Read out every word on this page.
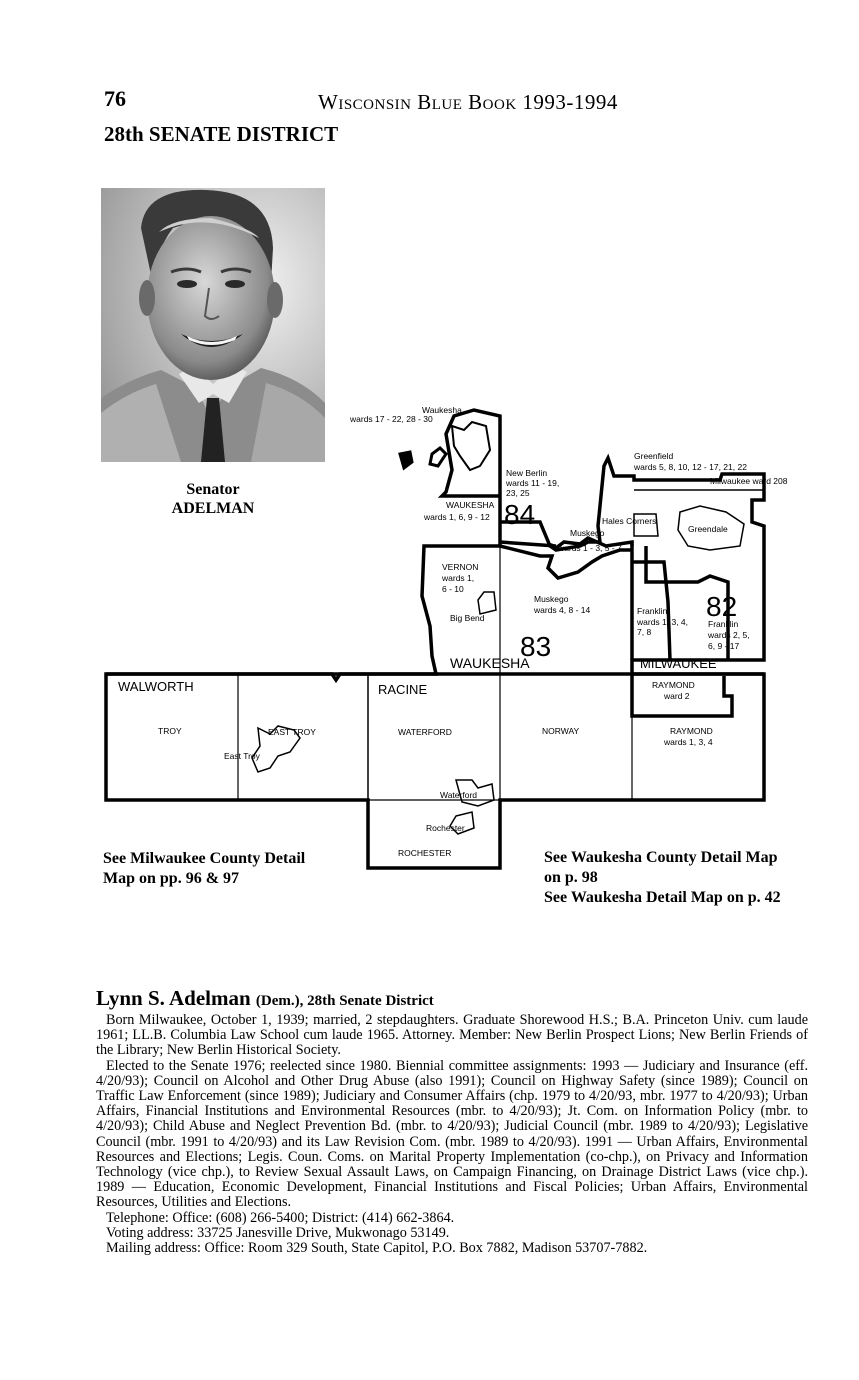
76	Wisconsin Blue Book 1993-1994
28th SENATE DISTRICT
Senator
ADELMAN
Waukesha
wards 17 - 22, 28 - 30
New Berlin
wards 11 - 19,
23, 25
WAUKESHA
wards 1, 6, 9 - 12 84
Greenfield
wards 5, 8, 10, 12 - 17, 21, 22
Milwaukee ward 208
Hales Corners
Greendale
Muskego
wards 1 - 3, 5 - 7
VERNON
wards 1,
6 - 10
Big Bend
Muskego
wards 4, 8 - 14
83
82
Franklin
wards 1, 3, 4,
7, 8
Franklin
wards 2, 5,
6, 9 - 17
WAUKESHA	MILWAUKEE
WALWORTH	RACINE	RAYMOND
ward 2
TROY	EAST TROY
East Troy
WATERFORD	NORWAY	RAYMOND
wards 1, 3, 4
Waterford
Rochester
ROCHESTER
See Milwaukee County Detail
Map on pp. 96 & 97
See Waukesha County Detail Map
on p. 98
See Waukesha Detail Map on p. 42
Lynn S. Adelman (Dem.), 28th Senate District

Born Milwaukee, October 1, 1939; married, 2 stepdaughters. Graduate Shorewood H.S.; B.A. Princeton Univ. cum laude 1961; LL.B. Columbia Law School cum laude 1965. Attorney. Member: New Berlin Prospect Lions; New Berlin Friends of the Library; New Berlin Historical Society.

Elected to the Senate 1976; reelected since 1980. Biennial committee assignments: 1993 — Judiciary and Insurance (eff. 4/20/93); Council on Alcohol and Other Drug Abuse (also 1991); Council on Highway Safety (since 1989); Council on Traffic Law Enforcement (since 1989); Judiciary and Consumer Affairs (chp. 1979 to 4/20/93, mbr. 1977 to 4/20/93); Urban Affairs, Financial Institutions and Environmental Resources (mbr. to 4/20/93); Jt. Com. on Information Policy (mbr. to 4/20/93); Child Abuse and Neglect Prevention Bd. (mbr. to 4/20/93); Judicial Council (mbr. 1989 to 4/20/93); Legislative Council (mbr. 1991 to 4/20/93) and its Law Revision Com. (mbr. 1989 to 4/20/93). 1991 — Urban Affairs, Environmental Resources and Elections; Legis. Coun. Coms. on Marital Property Implementation (co-chp.), on Privacy and Information Technology (vice chp.), to Review Sexual Assault Laws, on Campaign Financing, on Drainage District Laws (vice chp.). 1989 — Education, Economic Development, Financial Institutions and Fiscal Policies; Urban Affairs, Environmental Resources, Utilities and Elections.

Telephone: Office: (608) 266-5400; District: (414) 662-3864.

Voting address: 33725 Janesville Drive, Mukwonago 53149.

Mailing address: Office: Room 329 South, State Capitol, P.O. Box 7882, Madison 53707-7882.
